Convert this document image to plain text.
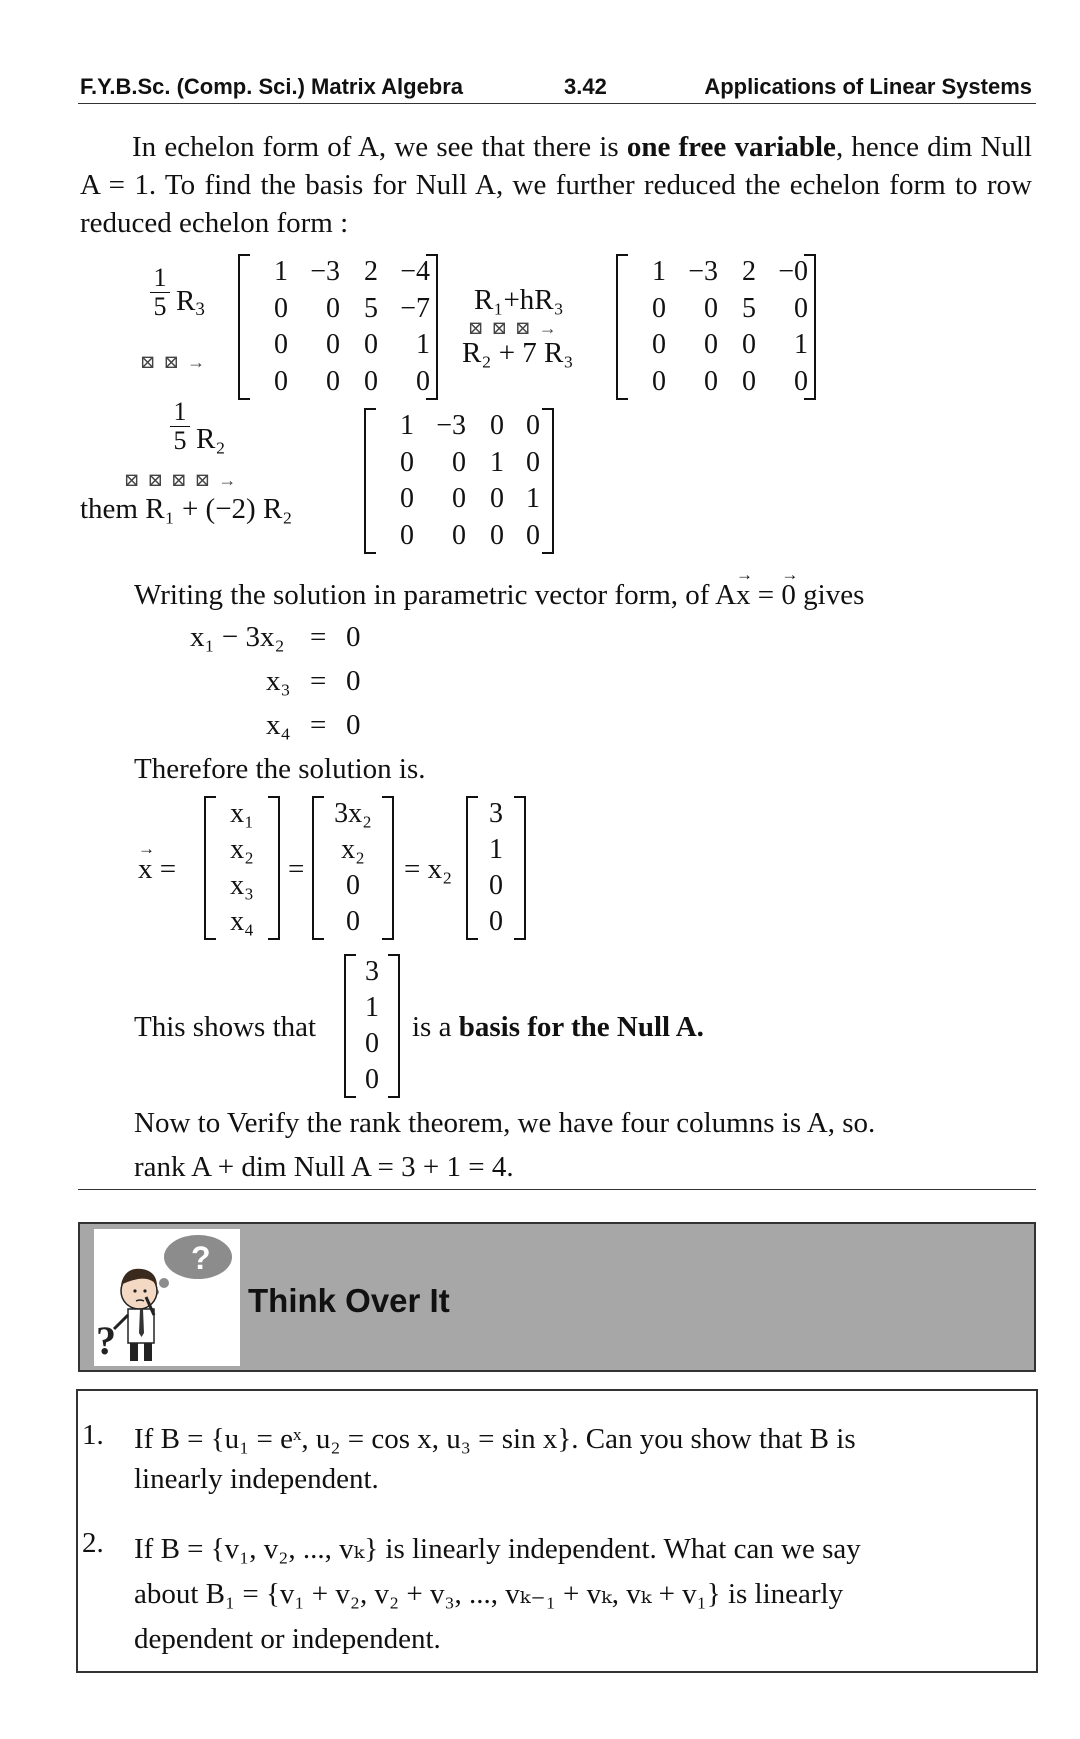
F.Y.B.Sc. (Comp. Sci.) Matrix Algebra	3.42	Applications of Linear Systems
In echelon form of A, we see that there is one free variable, hence dim Null A = 1. To find the basis for Null A, we further reduced the echelon form to row reduced echelon form :
$\frac{1}{5} R_3$
⊠ ⊠ →
1 −3 2 −4
0 0 5 −7
0 0 0 1
0 0 0 0
R₁+hR₃
⊠ ⊠ ⊠ →
R₂ + 7 R₃
1 −3 2 −0
0 0 5 0
0 0 0 1
0 0 0 0
$\frac{1}{5} R_2$
⊠ ⊠ ⊠ ⊠ →
them R₁ + (−2) R₂
1 −3 0 0
0 0 1 0
0 0 0 1
0 0 0 0
Writing the solution in parametric vector form, of A→ x = → 0 gives
x₁ − 3x₂ = 0
x₃ = 0
x₄ = 0
Therefore the solution is.
→ x =
x₁
x₂
x₃
x₄
=
3x₂
x₂
0
0
= x₂
3
1
0
0
This shows that
3
1
0
0
is a basis for the Null A.
Now to Verify the rank theorem, we have four columns is A, so.
rank A + dim Null A = 3 + 1 = 4.
?
?
Think Over It
1. If B = {u₁ = eˣ, u₂ = cos x, u₃ = sin x}. Can you show that B is
linearly independent.
2. If B = {v₁, v₂, ..., vₖ} is linearly independent. What can we say
about B₁ = {v₁ + v₂, v₂ + v₃, ..., vₖ₋₁ + vₖ, vₖ + v₁} is linearly
dependent or independent.
